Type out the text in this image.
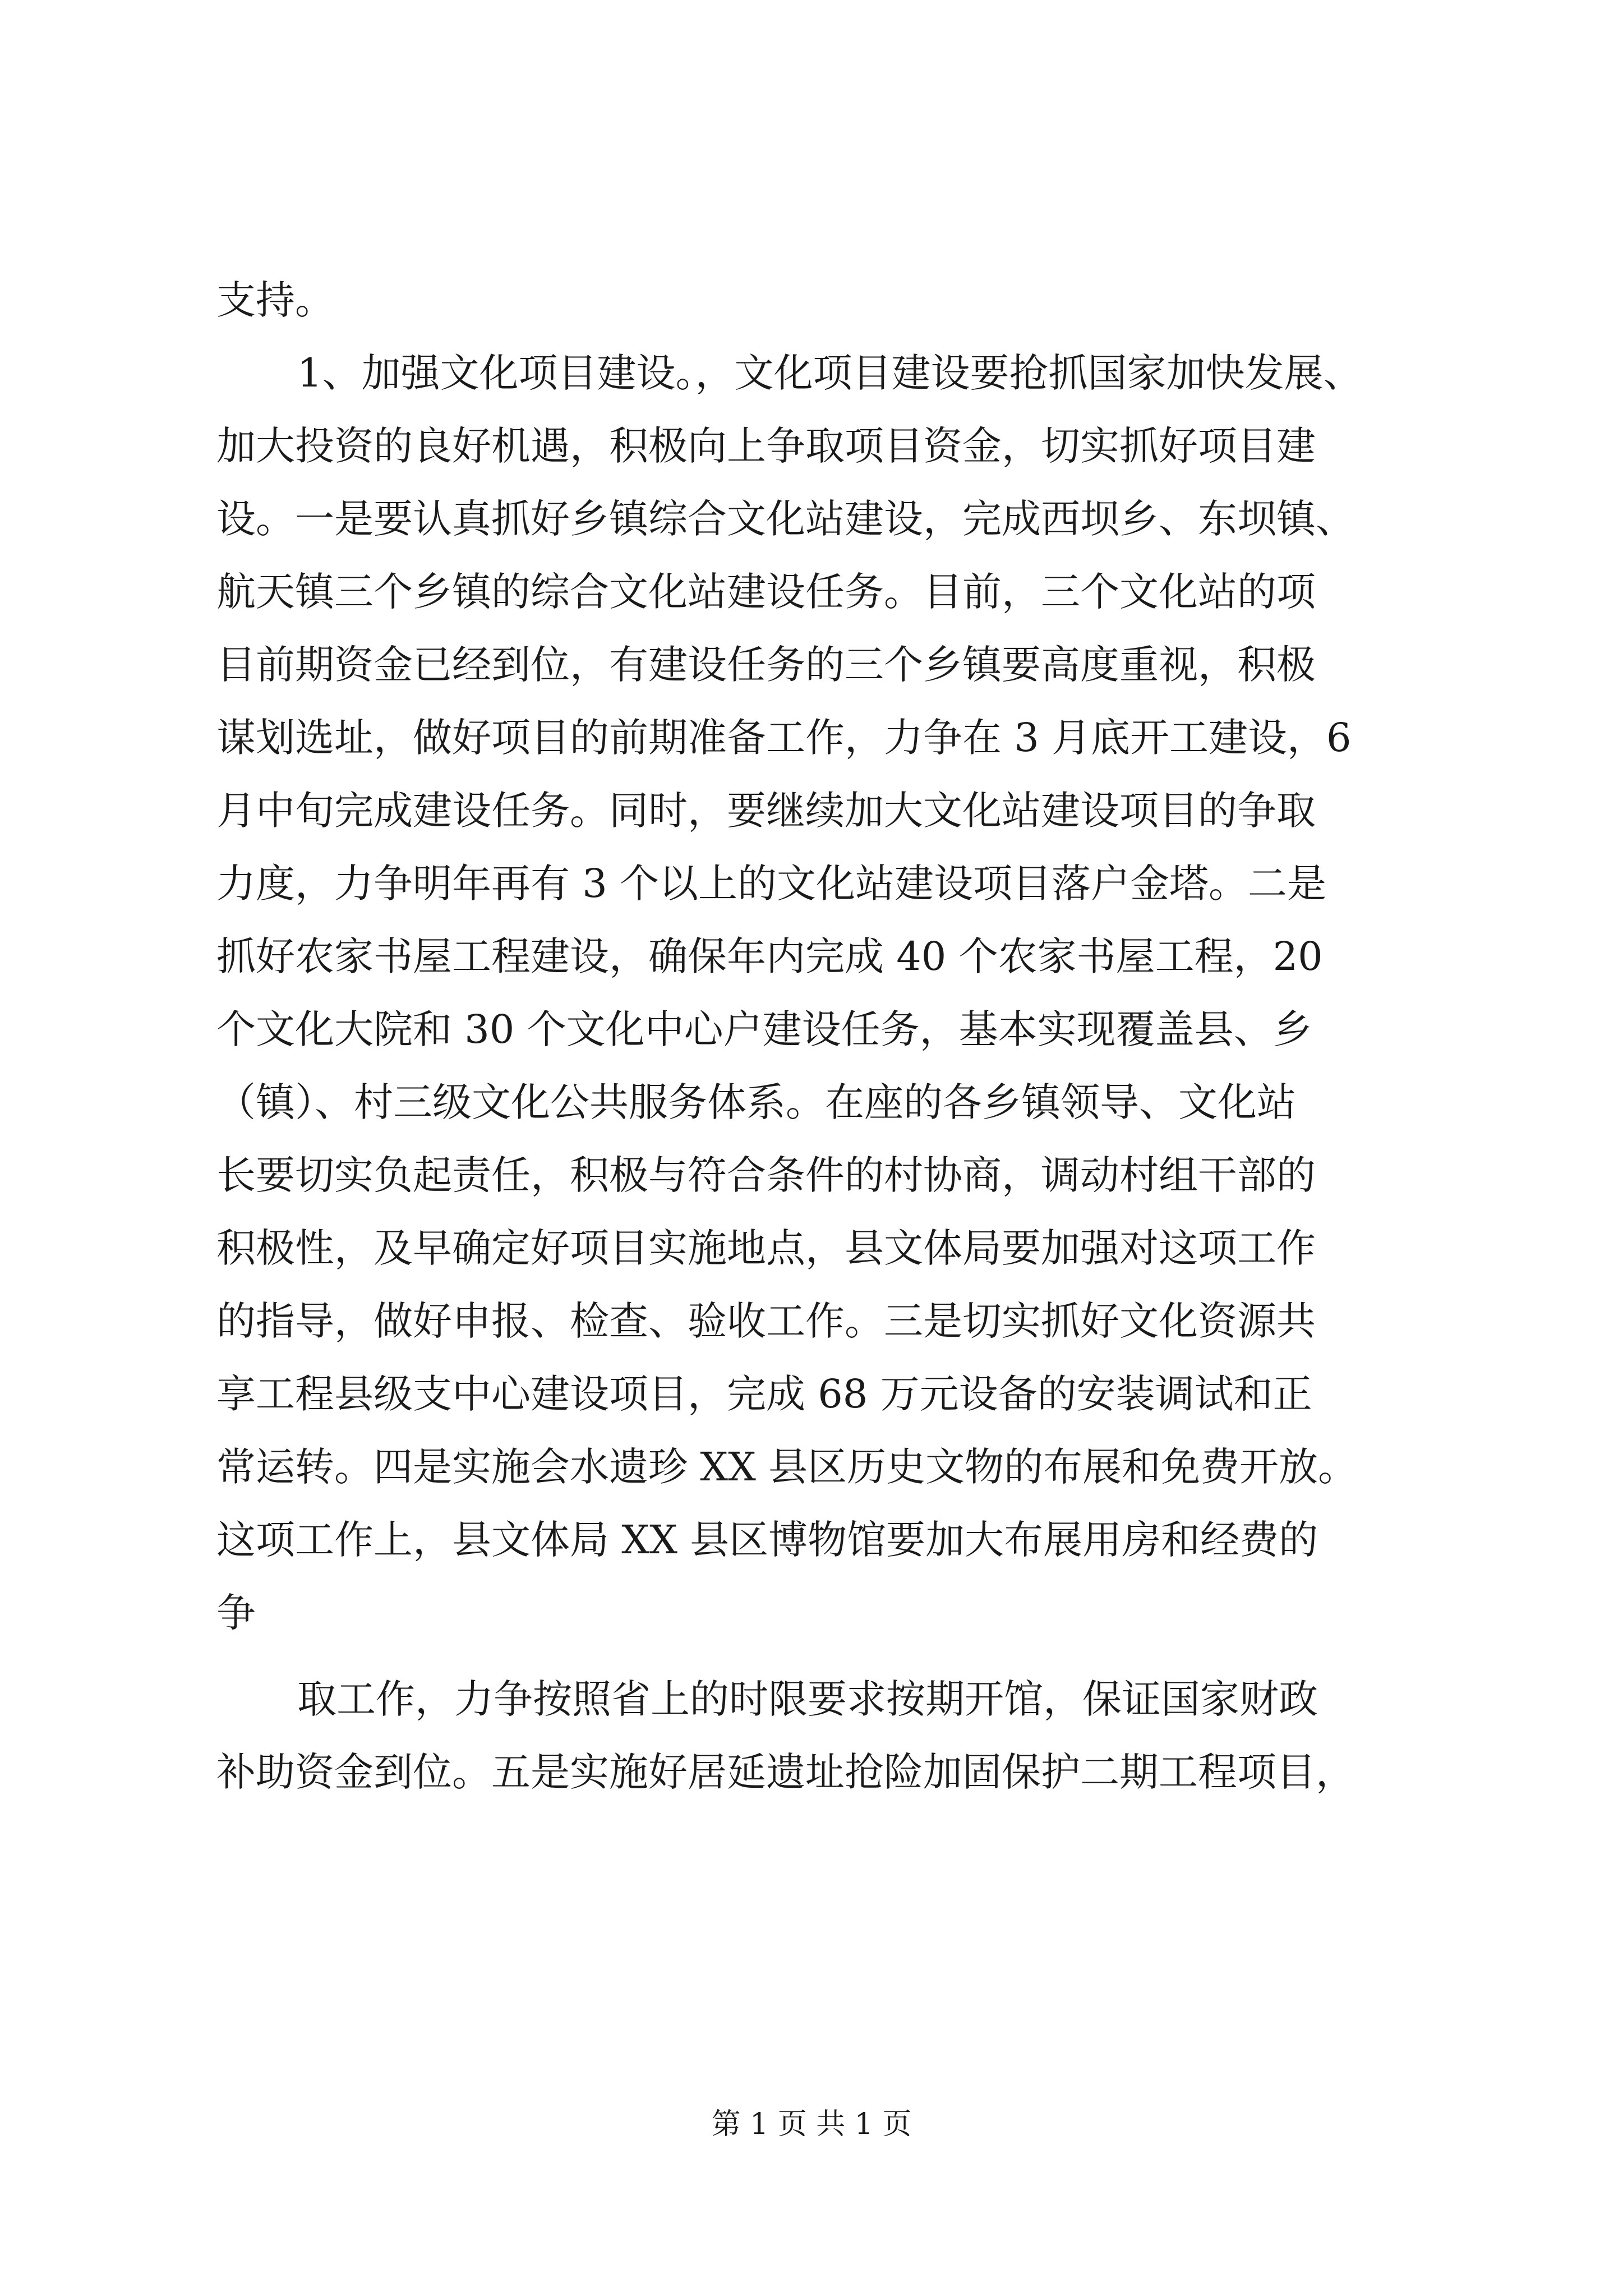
支持。
1、加强文化项目建设。，文化项目建设要抢抓国家加快发展、
加大投资的良好机遇，积极向上争取项目资金，切实抓好项目建
设。一是要认真抓好乡镇综合文化站建设，完成西坝乡、东坝镇、
航天镇三个乡镇的综合文化站建设任务。目前，三个文化站的项
目前期资金已经到位，有建设任务的三个乡镇要高度重视，积极
谋划选址，做好项目的前期准备工作，力争在 3 月底开工建设，6
月中旬完成建设任务。同时，要继续加大文化站建设项目的争取
力度，力争明年再有 3 个以上的文化站建设项目落户金塔。二是
抓好农家书屋工程建设，确保年内完成 40 个农家书屋工程，20
个文化大院和 30 个文化中心户建设任务，基本实现覆盖县、乡
（镇）、村三级文化公共服务体系。在座的各乡镇领导、文化站
长要切实负起责任，积极与符合条件的村协商，调动村组干部的
积极性，及早确定好项目实施地点，县文体局要加强对这项工作
的指导，做好申报、检查、验收工作。三是切实抓好文化资源共
享工程县级支中心建设项目，完成 68 万元设备的安装调试和正
常运转。四是实施会水遗珍 XX 县区历史文物的布展和免费开放。
这项工作上，县文体局 XX 县区博物馆要加大布展用房和经费的
争
取工作，力争按照省上的时限要求按期开馆，保证国家财政
补助资金到位。五是实施好居延遗址抢险加固保护二期工程项目，
第 1 页 共 1 页
